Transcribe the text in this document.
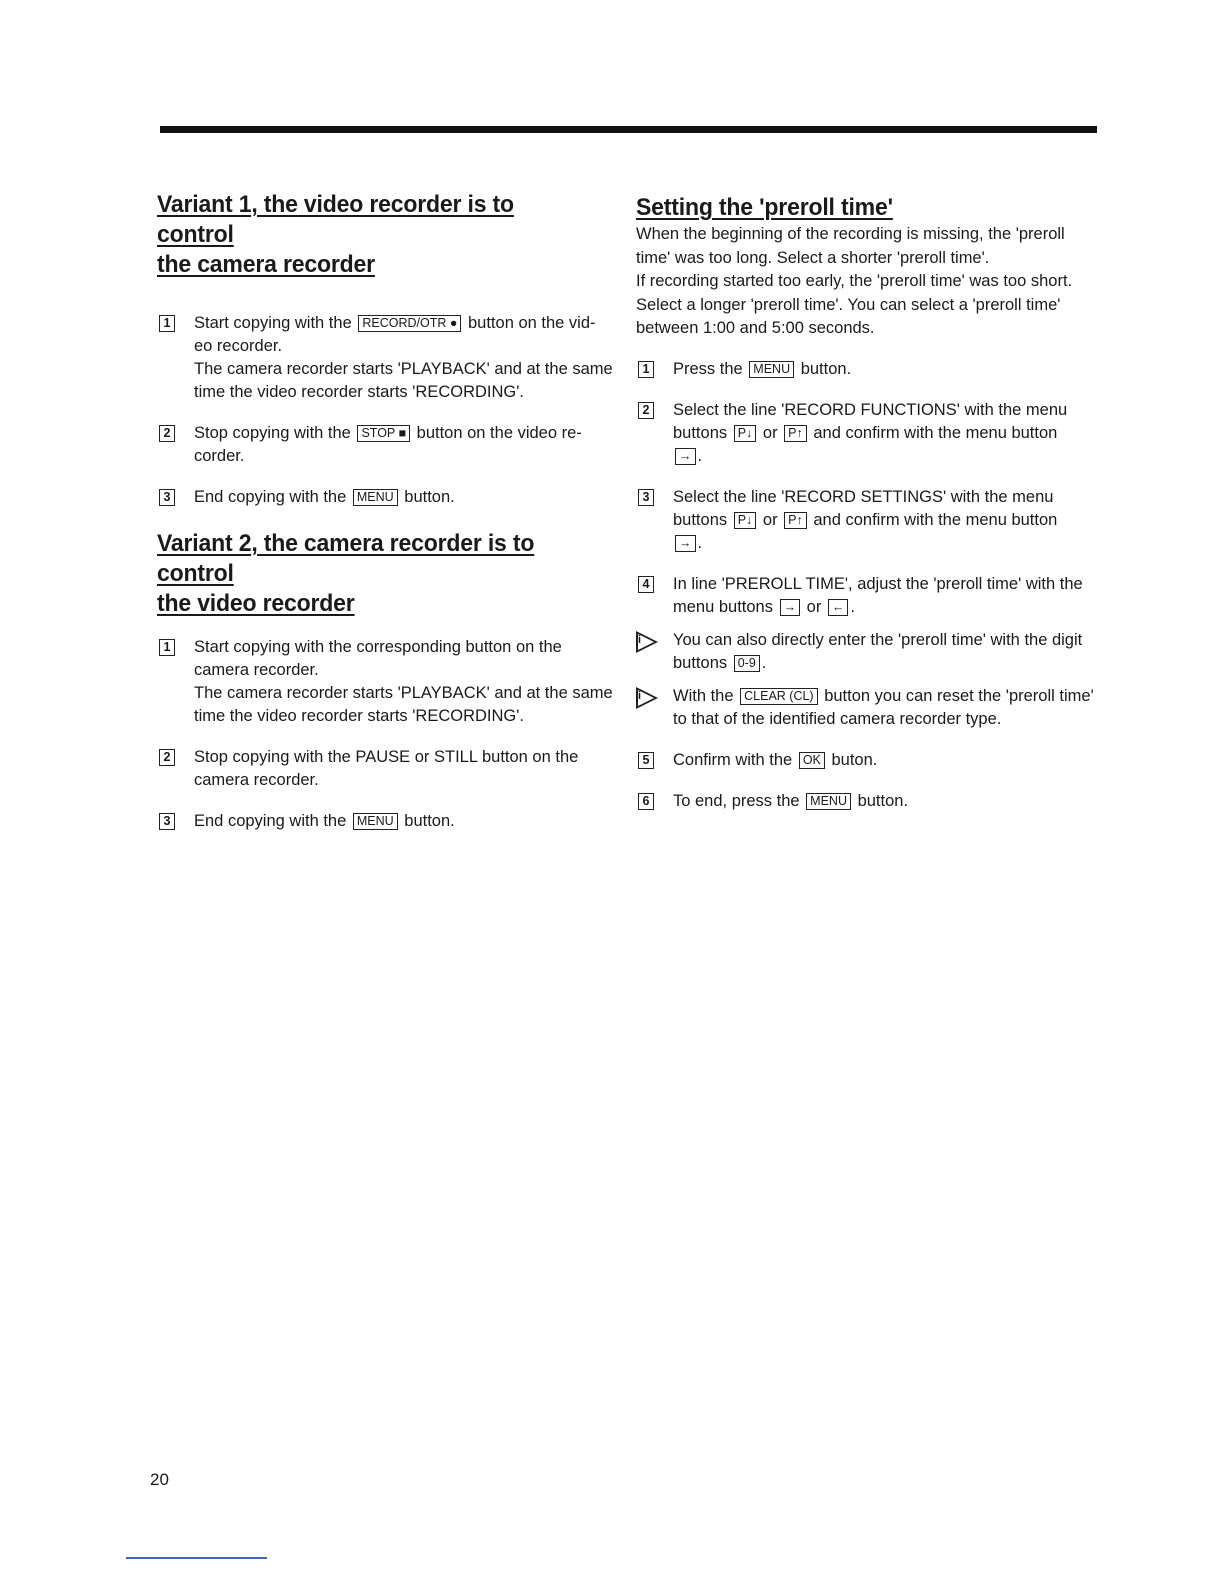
Variant 1, the video recorder is to control
the camera recorder
1 Start copying with the RECORD/OTR ● button on the vid-
eo recorder.
The camera recorder starts 'PLAYBACK' and at the same
time the video recorder starts 'RECORDING'.
2 Stop copying with the STOP ■ button on the video re-
corder.
3 End copying with the MENU button.
Variant 2, the camera recorder is to control
the video recorder
1 Start copying with the corresponding button on the
camera recorder.
The camera recorder starts 'PLAYBACK' and at the same
time the video recorder starts 'RECORDING'.
2 Stop copying with the PAUSE or STILL button on the
camera recorder.
3 End copying with the MENU button.
Setting the 'preroll time'

When the beginning of the recording is missing, the 'preroll
time' was too long. Select a shorter 'preroll time'.
If recording started too early, the 'preroll time' was too short.
Select a longer 'preroll time'. You can select a 'preroll time'
between 1:00 and 5:00 seconds.

1 Press the MENU button.
2 Select the line 'RECORD FUNCTIONS' with the menu
buttons P↓ or P↑ and confirm with the menu button
→ .
3 Select the line 'RECORD SETTINGS' with the menu
buttons P↓ or P↑ and confirm with the menu button
→ .
4 In line 'PREROLL TIME', adjust the 'preroll time' with the
menu buttons → or ← .
i You can also directly enter the 'preroll time' with the digit
buttons 0-9 .
i With the CLEAR (CL) button you can reset the 'preroll time'
to that of the identified camera recorder type.
5 Confirm with the OK buton.
6 To end, press the MENU button.
20
